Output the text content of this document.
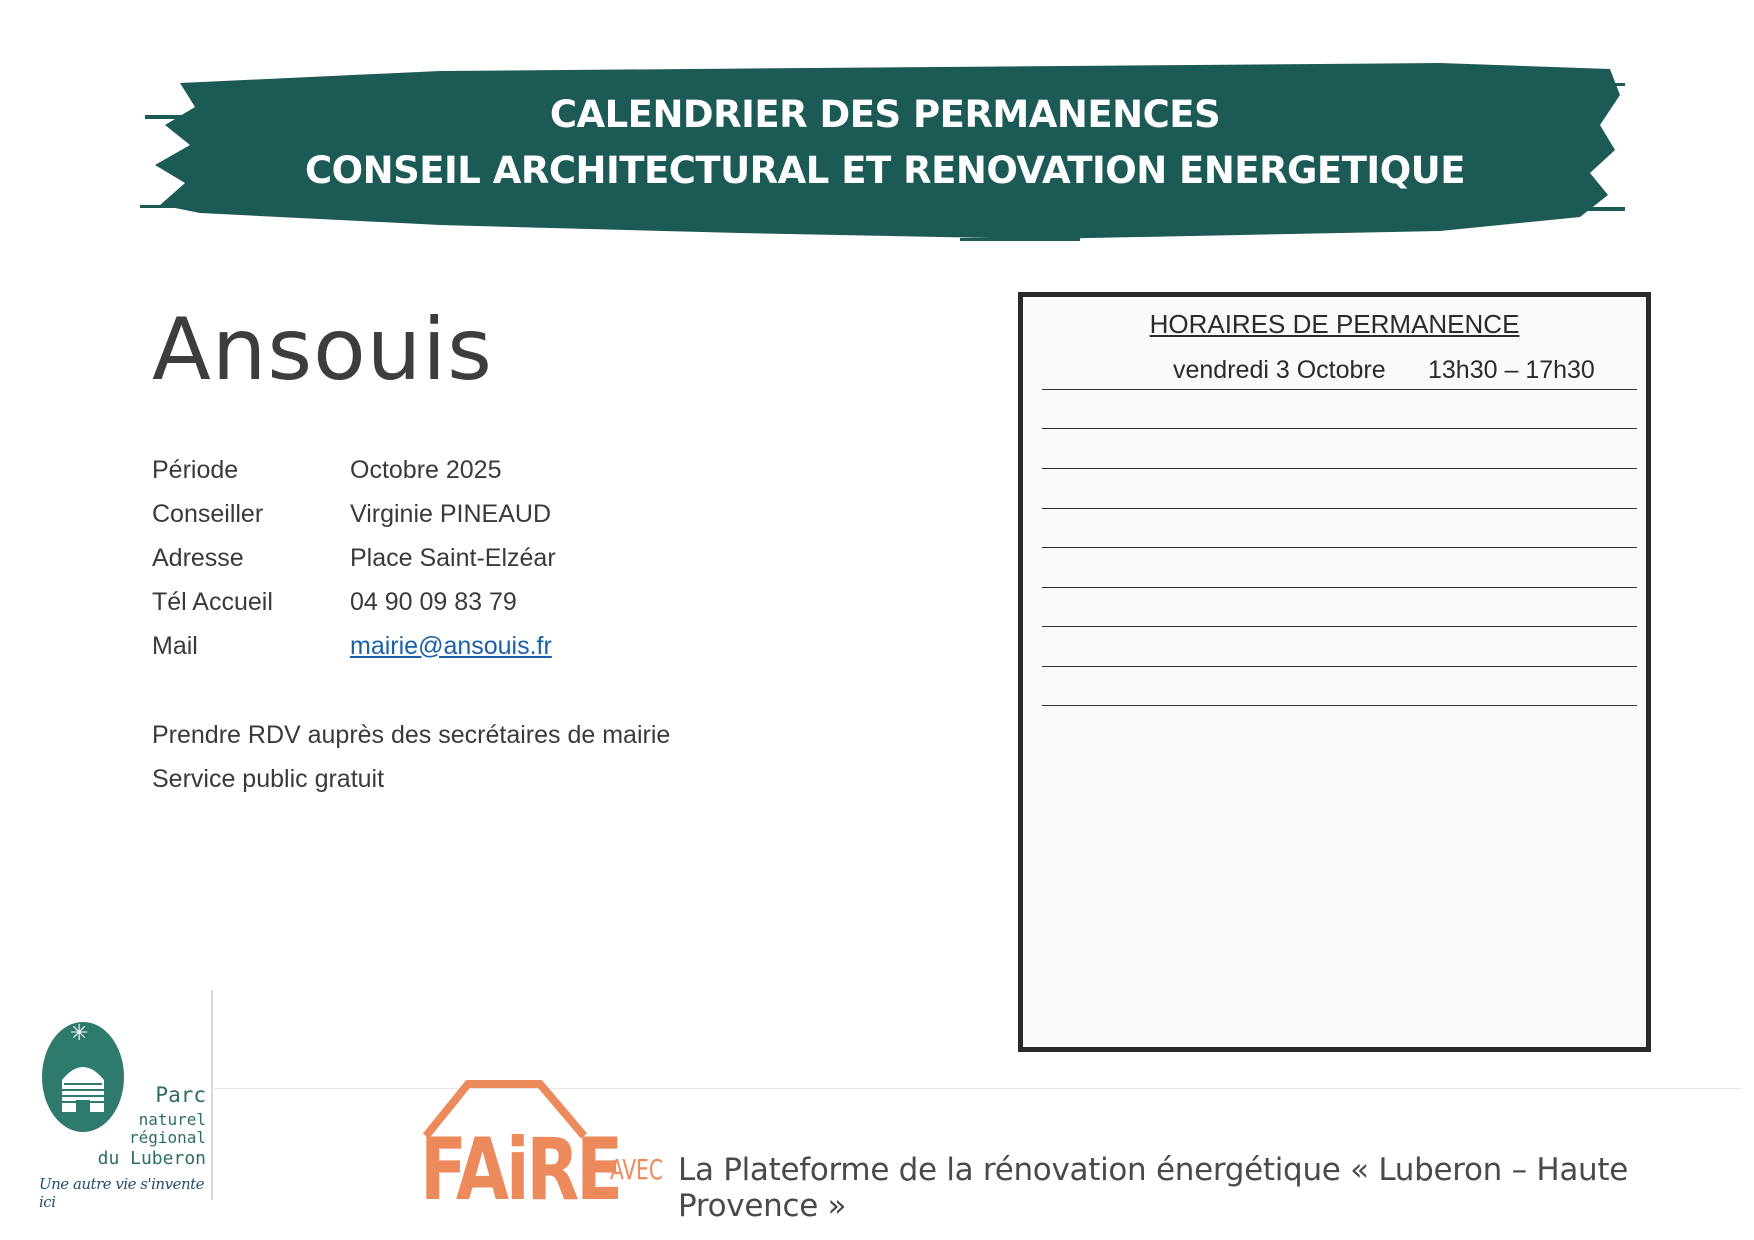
CALENDRIER DES PERMANENCES
CONSEIL ARCHITECTURAL ET RENOVATION ENERGETIQUE
Ansouis
Période	Octobre 2025
Conseiller	Virginie PINEAUD
Adresse	Place Saint-Elzéar
Tél Accueil	04 90 09 83 79
Mail	mairie@ansouis.fr
Prendre RDV auprès des secrétaires de mairie
Service public gratuit
HORAIRES DE PERMANENCE
vendredi 3 Octobre	13h30 – 17h30
✳
Parc
naturel
régional
du Luberon
Une autre vie s'invente ici	FAiRE
AVEC La Plateforme de la rénovation énergétique « Luberon – Haute Provence »
